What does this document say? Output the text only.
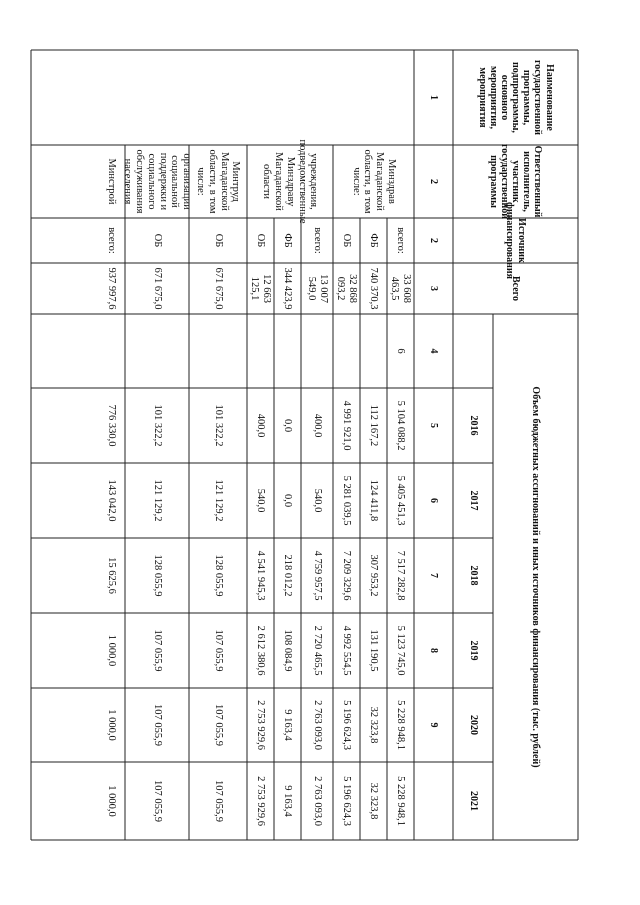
Наименование государственной программы, подпрограммы, основного мероприятия, мероприятия
Ответственный исполнитель, участник государственной программы
Источник финансирования
Всего
Объем бюджетных ассигнований и иных источников финансирования (тыс. рублей)
2016
2017
2018
2019
2020
2021
1
2
2
3
4
5
6
7
8
9
6
Минздрав Магаданской области, в том числе:
всего:
33 608 463,5
5 104 088,2
5 405 451,3
7 517 282,8
5 123 745,0
5 228 948,1
5 228 948,1
ФБ
740 370,3
112 167,2
124 411,8
307 953,2
131 190,5
32 323,8
32 323,8
ОБ
32 868 093,2
4 991 921,0
5 281 039,5
7 209 329,6
4 992 554,5
5 196 624,3
5 196 624,3
учреждения, подведомственные Минздраву Магаданской области
всего:
13 007 549,0
400,0
540,0
4 759 957,5
2 720 465,5
2 763 093,0
2 763 093,0
ФБ
344 423,9
0,0
0,0
218 012,2
108 084,9
9 163,4
9 163,4
ОБ
12 663 125,1
400,0
540,0
4 541 945,3
2 612 380,6
2 753 929,6
2 753 929,6
Минтруд Магаданской области, в том числе:
ОБ
671 675,0
101 322,2
121 129,2
128 055,9
107 055,9
107 055,9
107 055,9
организации социальной поддержки и социального обслуживания населения
ОБ
671 675,0
101 322,2
121 129,2
128 055,9
107 055,9
107 055,9
107 055,9
Минстрой
всего:
937 997,6
776 330,0
143 042,0
15 625,6
1 000,0
1 000,0
1 000,0
